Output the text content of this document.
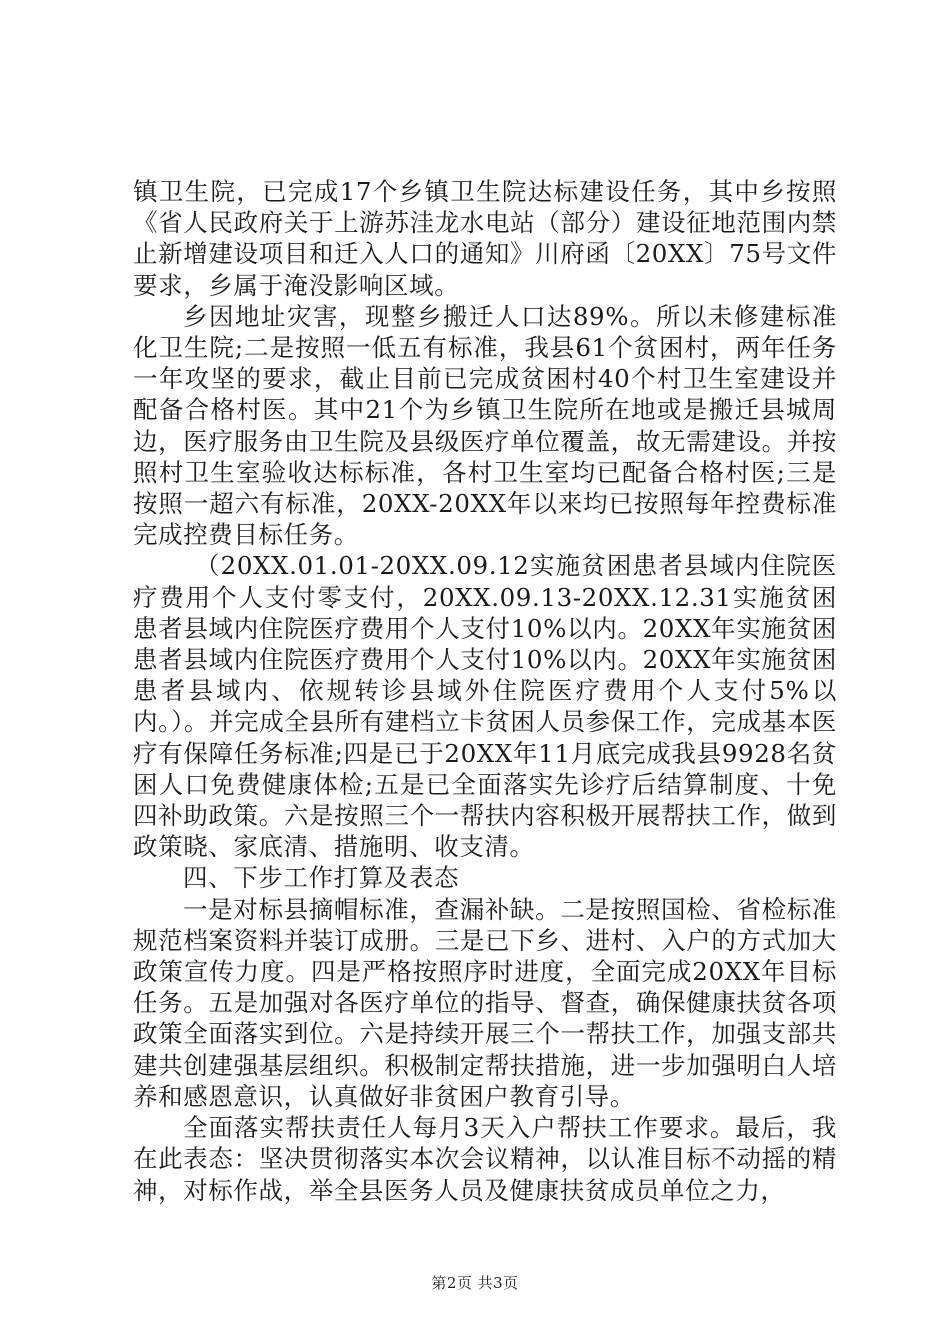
镇卫生院，已完成17个乡镇卫生院达标建设任务，其中乡按照《省人民政府关于上游苏洼龙水电站（部分）建设征地范围内禁止新增建设项目和迁入人口的通知》川府函〔20XX〕75号文件要求，乡属于淹没影响区域。

乡因地址灾害，现整乡搬迁人口达89%。所以未修建标准化卫生院;二是按照一低五有标准，我县61个贫困村，两年任务一年攻坚的要求，截止目前已完成贫困村40个村卫生室建设并配备合格村医。其中21个为乡镇卫生院所在地或是搬迁县城周边，医疗服务由卫生院及县级医疗单位覆盖，故无需建设。并按照村卫生室验收达标标准，各村卫生室均已配备合格村医;三是按照一超六有标准，20XX-20XX年以来均已按照每年控费标准完成控费目标任务。

（20XX.01.01-20XX.09.12实施贫困患者县域内住院医疗费用个人支付零支付，20XX.09.13-20XX.12.31实施贫困患者县域内住院医疗费用个人支付10%以内。20XX年实施贫困患者县域内住院医疗费用个人支付10%以内。20XX年实施贫困患者县域内、依规转诊县域外住院医疗费用个人支付5%以内。）。并完成全县所有建档立卡贫困人员参保工作，完成基本医疗有保障任务标准;四是已于20XX年11月底完成我县9928名贫困人口免费健康体检;五是已全面落实先诊疗后结算制度、十免四补助政策。六是按照三个一帮扶内容积极开展帮扶工作，做到政策晓、家底清、措施明、收支清。

四、下步工作打算及表态

一是对标县摘帽标准，查漏补缺。二是按照国检、省检标准规范档案资料并装订成册。三是已下乡、进村、入户的方式加大政策宣传力度。四是严格按照序时进度，全面完成20XX年目标任务。五是加强对各医疗单位的指导、督查，确保健康扶贫各项政策全面落实到位。六是持续开展三个一帮扶工作，加强支部共建共创建强基层组织。积极制定帮扶措施，进一步加强明白人培养和感恩意识，认真做好非贫困户教育引导。

全面落实帮扶责任人每月3天入户帮扶工作要求。最后，我在此表态：坚决贯彻落实本次会议精神，以认准目标不动摇的精神，对标作战，举全县医务人员及健康扶贫成员单位之力，

第2页 共3页
